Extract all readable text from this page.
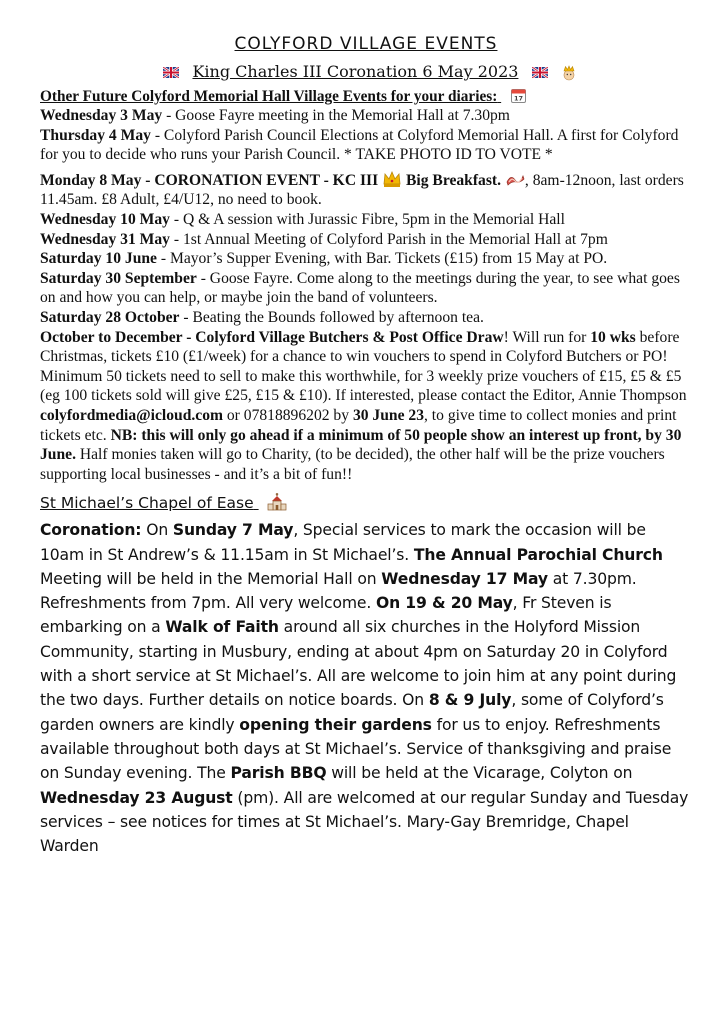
COLYFORD VILLAGE EVENTS
King Charles III Coronation 6 May 2023

Other Future Colyford Memorial Hall Village Events for your diaries:	17

Wednesday 3 May - Goose Fayre meeting in the Memorial Hall at 7.30pm

Thursday 4 May - Colyford Parish Council Elections at Colyford Memorial Hall. A first for Colyford for you to decide who runs your Parish Council. * TAKE PHOTO ID TO VOTE *

Monday 8 May - CORONATION EVENT - KC III Big Breakfast. , 8am-12noon, last orders 11.45am. £8 Adult, £4/U12, no need to book.

Wednesday 10 May - Q & A session with Jurassic Fibre, 5pm in the Memorial Hall

Wednesday 31 May - 1st Annual Meeting of Colyford Parish in the Memorial Hall at 7pm

Saturday 10 June - Mayor’s Supper Evening, with Bar. Tickets (£15) from 15 May at PO.

Saturday 30 September - Goose Fayre. Come along to the meetings during the year, to see what goes on and how you can help, or maybe join the band of volunteers.

Saturday 28 October - Beating the Bounds followed by afternoon tea.

October to December - Colyford Village Butchers & Post Office Draw! Will run for 10 wks before Christmas, tickets £10 (£1/week) for a chance to win vouchers to spend in Colyford Butchers or PO! Minimum 50 tickets need to sell to make this worthwhile, for 3 weekly prize vouchers of £15, £5 & £5 (eg 100 tickets sold will give £25, £15 & £10). If interested, please contact the Editor, Annie Thompson colyfordmedia@icloud.com or 07818896202 by 30 June 23, to give time to collect monies and print tickets etc. NB: this will only go ahead if a minimum of 50 people show an interest up front, by 30 June. Half monies taken will go to Charity, (to be decided), the other half will be the prize vouchers supporting local businesses - and it’s a bit of fun!!

St Michael’s Chapel of Ease

Coronation: On Sunday 7 May, Special services to mark the occasion will be 10am in St Andrew’s & 11.15am in St Michael’s. The Annual Parochial Church Meeting will be held in the Memorial Hall on Wednesday 17 May at 7.30pm. Refreshments from 7pm. All very welcome. On 19 & 20 May, Fr Steven is embarking on a Walk of Faith around all six churches in the Holyford Mission Community, starting in Musbury, ending at about 4pm on Saturday 20 in Colyford with a short service at St Michael’s. All are welcome to join him at any point during the two days. Further details on notice boards. On 8 & 9 July, some of Colyford’s garden owners are kindly opening their gardens for us to enjoy. Refreshments available throughout both days at St Michael’s. Service of thanksgiving and praise on Sunday evening. The Parish BBQ will be held at the Vicarage, Colyton on Wednesday 23 August (pm). All are welcomed at our regular Sunday and Tuesday services – see notices for times at St Michael’s. Mary-Gay Bremridge, Chapel Warden
